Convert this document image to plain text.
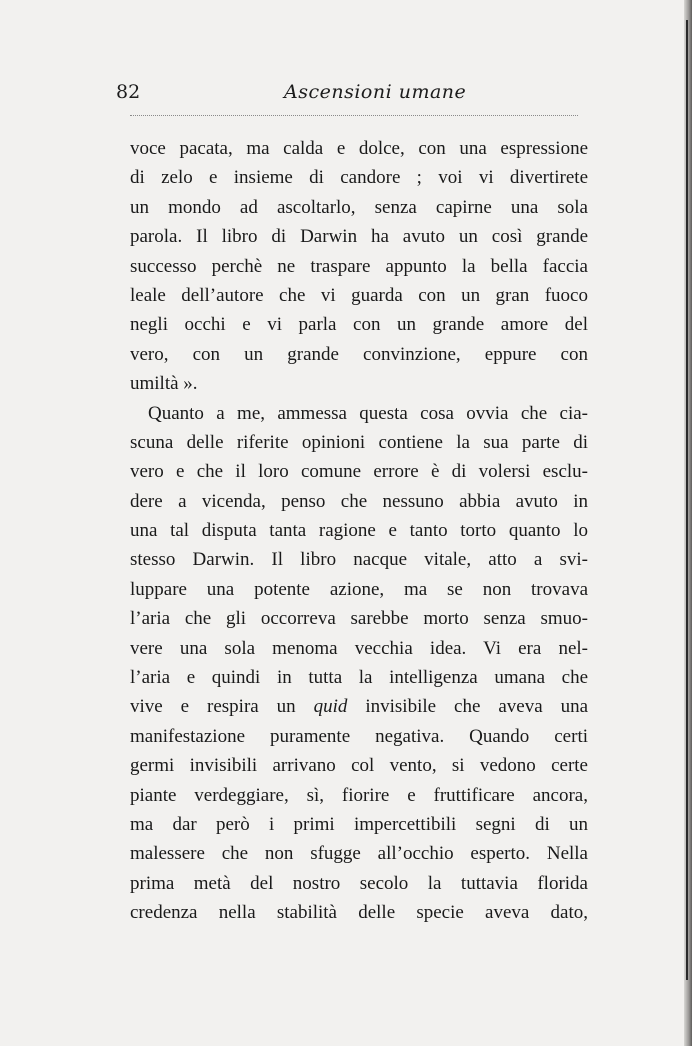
82	Ascensioni umane
voce pacata, ma calda e dolce, con una espressione
di zelo e insieme di candore ; voi vi divertirete
un mondo ad ascoltarlo, senza capirne una sola
parola. Il libro di Darwin ha avuto un così grande
successo perchè ne traspare appunto la bella faccia
leale dell’autore che vi guarda con un gran fuoco
negli occhi e vi parla con un grande amore del
vero, con un grande convinzione, eppure con
umiltà ».
Quanto a me, ammessa questa cosa ovvia che cia-
scuna delle riferite opinioni contiene la sua parte di
vero e che il loro comune errore è di volersi esclu-
dere a vicenda, penso che nessuno abbia avuto in
una tal disputa tanta ragione e tanto torto quanto lo
stesso Darwin. Il libro nacque vitale, atto a svi-
luppare una potente azione, ma se non trovava
l’aria che gli occorreva sarebbe morto senza smuo-
vere una sola menoma vecchia idea. Vi era nel-
l’aria e quindi in tutta la intelligenza umana che
vive e respira un quid invisibile che aveva una
manifestazione puramente negativa. Quando certi
germi invisibili arrivano col vento, si vedono certe
piante verdeggiare, sì, fiorire e fruttificare ancora,
ma dar però i primi impercettibili segni di un
malessere che non sfugge all’occhio esperto. Nella
prima metà del nostro secolo la tuttavia florida
credenza nella stabilità delle specie aveva dato,
